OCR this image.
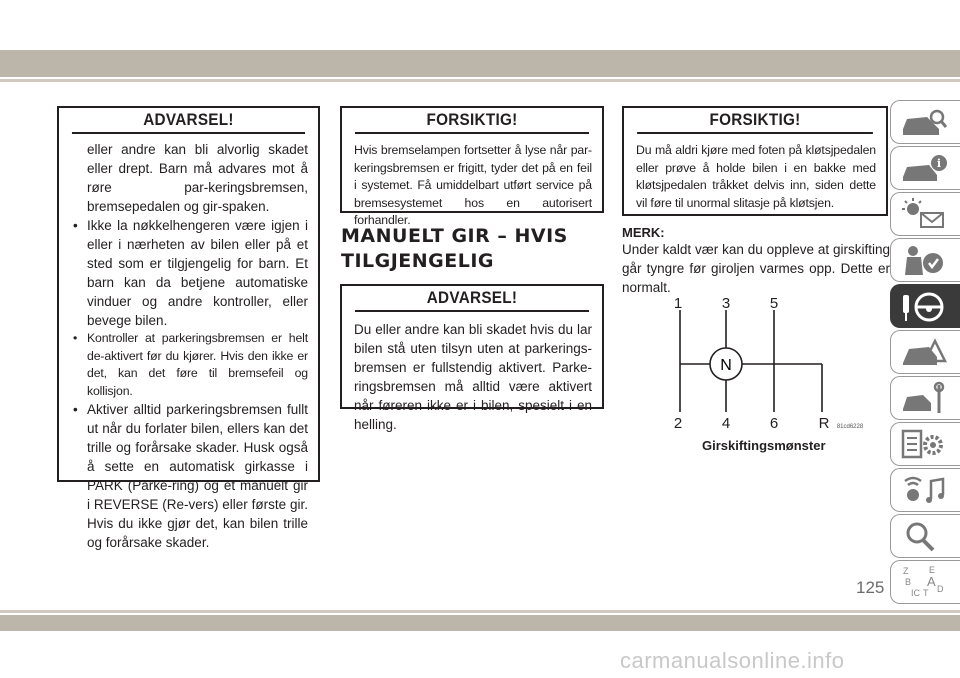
ADVARSEL!
eller andre kan bli alvorlig skadet eller drept. Barn må advares mot å røre par-keringsbremsen, bremsepedalen og gir-spaken.
• Ikke la nøkkelhengeren være igjen i eller i nærheten av bilen eller på et sted som er tilgjengelig for barn. Et barn kan da betjene automatiske vinduer og andre kontroller, eller bevege bilen.
• Kontroller at parkeringsbremsen er helt de-aktivert før du kjører. Hvis den ikke er det, kan det føre til bremsefeil og kollisjon.
• Aktiver alltid parkeringsbremsen fullt ut når du forlater bilen, ellers kan det trille og forårsake skader. Husk også å sette en automatisk girkasse i PARK (Parke-ring) og et manuelt gir i REVERSE (Re-vers) eller første gir. Hvis du ikke gjør det, kan bilen trille og forårsake skader.
FORSIKTIG!
Hvis bremselampen fortsetter å lyse når par-keringsbremsen er frigitt, tyder det på en feil i systemet. Få umiddelbart utført service på bremsesystemet hos en autorisert forhandler.
MANUELT GIR – HVIS TILGJENGELIG
ADVARSEL!
Du eller andre kan bli skadet hvis du lar bilen stå uten tilsyn uten at parkerings-bremsen er fullstendig aktivert. Parke-ringsbremsen må alltid være aktivert når føreren ikke er i bilen, spesielt i en helling.
FORSIKTIG!
Du må aldri kjøre med foten på kløtsjpedalen eller prøve å holde bilen i en bakke med kløtsjpedalen tråkket delvis inn, siden dette vil føre til unormal slitasje på kløtsjen.
MERK:
Under kaldt vær kan du oppleve at girskifting går tyngre før giroljen varmes opp. Dette er normalt.
N
1	3	5
2	4	6	R 81cd6228
Girskiftingsmønster
i
Z E
B A
IC T D
125
carmanualsonline.info
